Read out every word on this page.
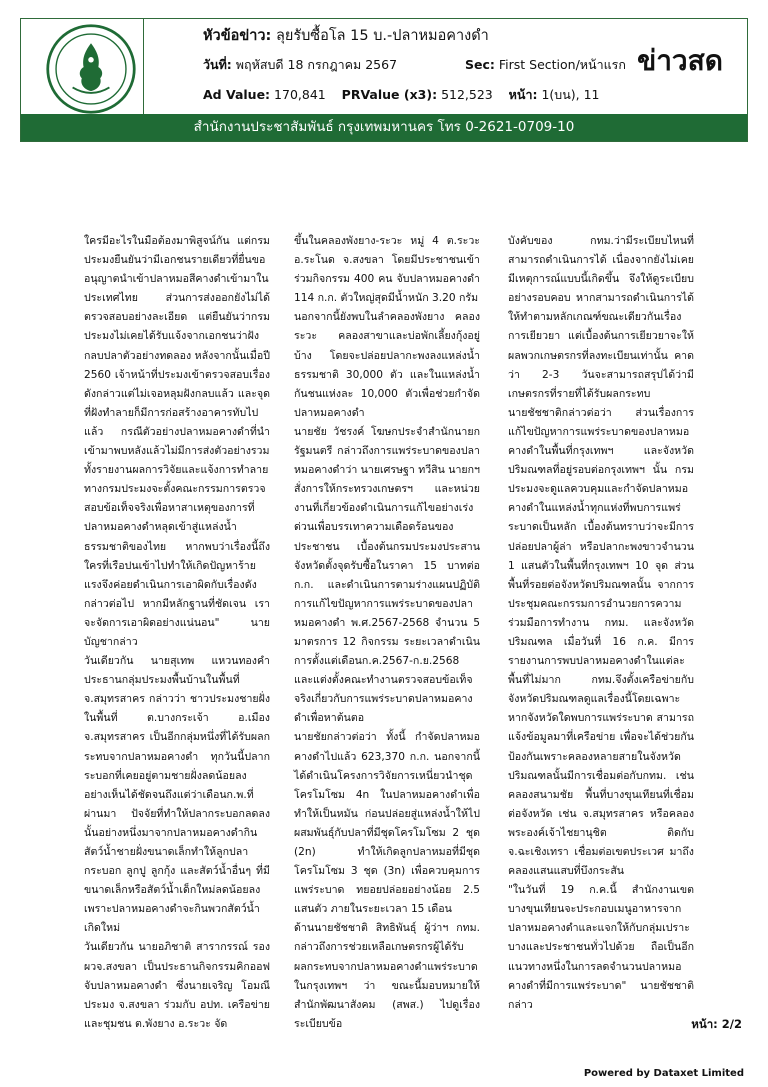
หัวข้อข่าว: ลุยรับซื้อโล 15 บ.-ปลาหมอคางดำ
วันที่: พฤหัสบดี 18 กรกฎาคม 2567	Sec: First Section/หน้าแรก
Ad Value: 170,841 PRValue (x3): 512,523 หน้า: 1(บน), 11
ข่าวสด
สำนักงานประชาสัมพันธ์ กรุงเทพมหานคร โทร 0-2621-0709-10

ใครมีอะไรในมือต้องมาพิสูจน์กัน แต่กรมประมงยืนยันว่ามีเอกชนรายเดียวที่ยื่นขออนุญาตนำเข้าปลาหมอสีคางดำเข้ามาในประเทศไทย ส่วนการส่งออกยังไม่ได้ตรวจสอบอย่างละเอียด แต่ยืนยันว่ากรมประมงไม่เคยได้รับแจ้งจากเอกชนว่าฝังกลบปลาตัวอย่างทดลอง หลังจากนั้นเมื่อปี 2560 เจ้าหน้าที่ประมงเข้าตรวจสอบเรื่องดังกล่าวแต่ไม่เจอหลุมฝังกลบแล้ว และจุดที่ฝังทำลายก็มีการก่อสร้างอาคารทับไปแล้ว กรณีตัวอย่างปลาหมอคางดำที่นำเข้ามาพบหลังแล้วไม่มีการส่งตัวอย่างรวมทั้งรายงานผลการวิจัยและแจ้งการทำลาย ทางกรมประมงจะตั้งคณะกรรมการตรวจสอบข้อเท็จจริงเพื่อหาสาเหตุของการที่ปลาหมอคางดำหลุดเข้าสู่แหล่งน้ำธรรมชาติของไทย หากพบว่าเรื่องนี้ถึงใครที่เรือปนเข้าไปทำให้เกิดปัญหาร้ายแรงจึงค่อยดำเนินการเอาผิดกับเรื่องดังกล่าวต่อไป หากมีหลักฐานที่ชัดเจน เราจะจัดการเอาผิดอย่างแน่นอน" นายบัญชากล่าว

วันเดียวกัน นายสุเทพ แหวนทองคำ ประธานกลุ่มประมงพื้นบ้านในพื้นที่จ.สมุทรสาคร กล่าวว่า ชาวประมงชายฝั่งในพื้นที่ ต.บางกระเจ้า อ.เมือง จ.สมุทรสาคร เป็นอีกกลุ่มหนึ่งที่ได้รับผลกระทบจากปลาหมอคางดำ ทุกวันนี้ปลากระบอกที่เคยอยู่ตามชายฝั่งลดน้อยลงอย่างเห็นได้ชัดจนถึงแต่ว่าเดือนก.พ.ที่ผ่านมา ปัจจัยที่ทำให้ปลากระบอกลดลงนั้นอย่างหนึ่งมาจากปลาหมอคางดำกินสัตว์น้ำชายฝั่งขนาดเล็กทำให้ลูกปลากระบอก ลูกปู ลูกกุ้ง และสัตว์น้ำอื่นๆ ที่มีขนาดเล็กหรือสัตว์น้ำเด็กใหม่ลดน้อยลง เพราะปลาหมอคางดำจะกินพวกสัตว์น้ำเกิดใหม่

วันเดียวกัน นายอภิชาติ สารากรรณ์ รอง ผวจ.สงขลา เป็นประธานกิจกรรมคิกออฟ จับปลาหมอคางดำ ซึ่งนายเจริญ โอมณี ประมง จ.สงขลา ร่วมกับ อปท. เครือข่ายและชุมชน ต.พังยาง อ.ระวะ จัด

ขึ้นในคลองพังยาง-ระวะ หมู่ 4 ต.ระวะ อ.ระโนด จ.สงขลา โดยมีประชาชนเข้าร่วมกิจกรรม 400 คน จับปลาหมอคางดำ 114 ก.ก. ตัวใหญ่สุดมีน้ำหนัก 3.20 กรัม

นอกจากนี้ยังพบในลำคลองพังยาง คลองระวะ คลองสาขาและบ่อพักเลี้ยงกุ้งอยู่บ้าง โดยจะปล่อยปลากะพงลงแหล่งน้ำธรรมชาติ 30,000 ตัว และในแหล่งน้ำกันชนแห่งละ 10,000 ตัวเพื่อช่วยกำจัดปลาหมอคางดำ

นายชัย วัชรงค์ โฆษกประจำสำนักนายกรัฐมนตรี กล่าวถึงการแพร่ระบาดของปลาหมอคางดำว่า นายเศรษฐา ทวีสิน นายกฯ สั่งการให้กระทรวงเกษตรฯ และหน่วยงานที่เกี่ยวข้องดำเนินการแก้ไขอย่างเร่งด่วนเพื่อบรรเทาความเดือดร้อนของประชาชน เบื้องต้นกรมประมงประสานจังหวัดตั้งจุดรับซื้อในราคา 15 บาทต่อก.ก. และดำเนินการตามร่างแผนปฏิบัติการแก้ไขปัญหาการแพร่ระบาดของปลาหมอคางดำ พ.ศ.2567-2568 จำนวน 5 มาตรการ 12 กิจกรรม ระยะเวลาดำเนินการตั้งแต่เดือนก.ค.2567-ก.ย.2568 และแต่งตั้งคณะทำงานตรวจสอบข้อเท็จจริงเกี่ยวกับการแพร่ระบาดปลาหมอคางดำเพื่อหาต้นตอ

นายชัยกล่าวต่อว่า ทั้งนี้ กำจัดปลาหมอคางดำไปแล้ว 623,370 ก.ก. นอกจากนี้ได้ดำเนินโครงการวิจัยการเหนี่ยวนำชุดโครโมโซม 4n ในปลาหมอคางดำเพื่อทำให้เป็นหมัน ก่อนปล่อยสู่แหล่งน้ำให้ไปผสมพันธุ์กับปลาที่มีชุดโครโมโซม 2 ชุด (2n) ทำให้เกิดลูกปลาหมอที่มีชุดโครโมโซม 3 ชุด (3n) เพื่อควบคุมการแพร่ระบาด ทยอยปล่อยอย่างน้อย 2.5 แสนตัว ภายในระยะเวลา 15 เดือน

ด้านนายชัชชาติ สิทธิพันธุ์ ผู้ว่าฯ กทม. กล่าวถึงการช่วยเหลือเกษตรกรผู้ได้รับผลกระทบจากปลาหมอคางดำแพร่ระบาดในกรุงเทพฯ ว่า ขณะนี้มอบหมายให้สำนักพัฒนาสังคม (สพส.) ไปดูเรื่องระเบียบข้อ

บังคับของ กทม.ว่ามีระเบียบไหนที่สามารถดำเนินการได้ เนื่องจากยังไม่เคยมีเหตุการณ์แบบนี้เกิดขึ้น จึงให้ดูระเบียบอย่างรอบคอบ หากสามารถดำเนินการได้ให้ทำตามหลักเกณฑ์ขณะเดียวกันเรื่องการเยียวยา แต่เบื้องต้นการเยียวยาจะให้ผลพวกเกษตรกรที่ลงทะเบียนเท่านั้น คาดว่า 2-3 วันจะสามารถสรุปได้ว่ามีเกษตรกรที่รายที่ได้รับผลกระทบ

นายชัชชาติกล่าวต่อว่า ส่วนเรื่องการแก้ไขปัญหาการแพร่ระบาดของปลาหมอคางดำในพื้นที่กรุงเทพฯ และจังหวัดปริมณฑลที่อยู่รอบต่อกรุงเทพฯ นั้น กรมประมงจะดูแลควบคุมและกำจัดปลาหมอคางดำในแหล่งน้ำทุกแห่งที่พบการแพร่ระบาดเป็นหลัก เบื้องต้นทราบว่าจะมีการปล่อยปลาผู้ล่า หรือปลากะพงขาวจำนวน 1 แสนตัวในพื้นที่กรุงเทพฯ 10 จุด ส่วนพื้นที่รอยต่อจังหวัดปริมณฑลนั้น จากการประชุมคณะกรรมการอำนวยการความร่วมมือการทำงาน กทม. และจังหวัดปริมณฑล เมื่อวันที่ 16 ก.ค. มีการรายงานการพบปลาหมอคางดำในแต่ละพื้นที่ไม่มาก กทม.จึงตั้งเครือข่ายกับจังหวัดปริมณฑลดูแลเรื่องนี้โดยเฉพาะ หากจังหวัดใดพบการแพร่ระบาด สามารถแจ้งข้อมูลมาที่เครือข่าย เพื่อจะได้ช่วยกันป้องกันเพราะคลองหลายสายในจังหวัดปริมณฑลนั้นมีการเชื่อมต่อกับกทม. เช่น คลองสนามชัย พื้นที่บางขุนเทียนที่เชื่อมต่อจังหวัด เช่น จ.สมุทรสาคร หรือคลองพระองค์เจ้าไชยานุชิต ติดกับ จ.ฉะเชิงเทรา เชื่อมต่อเขตประเวศ มาถึงคลองแสนแสบที่บึงกระสัน

"ในวันที่ 19 ก.ค.นี้ สำนักงานเขตบางขุนเทียนจะประกอบเมนูอาหารจากปลาหมอคางดำและแจกให้กับกลุ่มเปราะบางและประชาชนทั่วไปด้วย ถือเป็นอีกแนวทางหนึ่งในการลดจำนวนปลาหมอคางดำที่มีการแพร่ระบาด" นายชัชชาติกล่าว

หน้า: 2/2
Powered by Dataxet Limited
